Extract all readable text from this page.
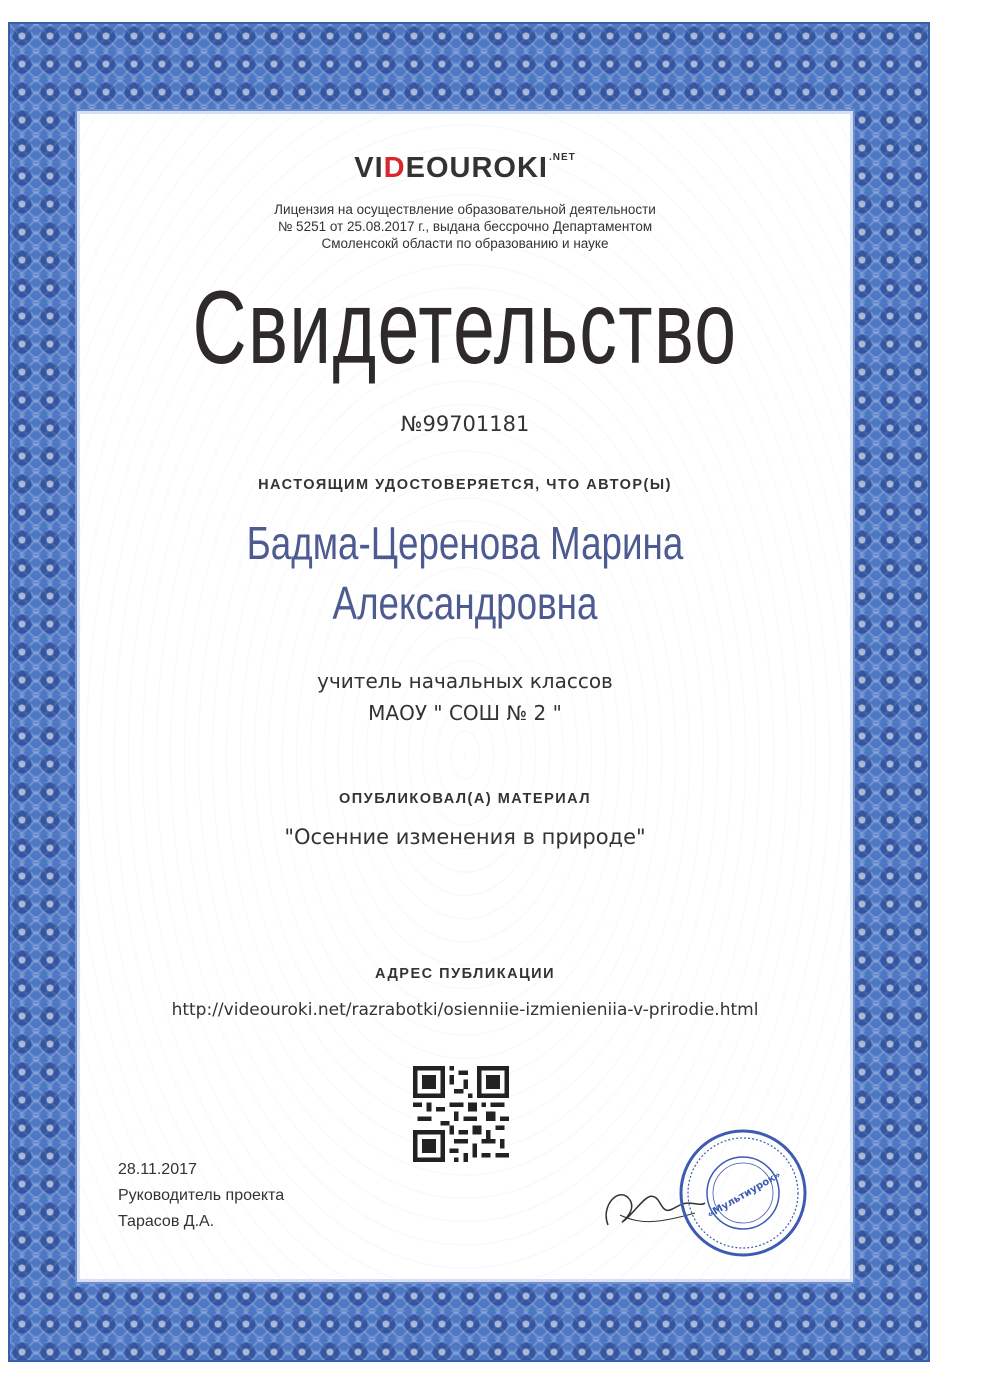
$VIDEOUROKI^{.NET}$
Лицензия на осуществление образовательной деятельности
№ 5251 от 25.08.2017 г., выдана бессрочно Департаментом
Смоленсокй области по образованию и науке
Свидетельство
№99701181
НАСТОЯЩИМ УДОСТОВЕРЯЕТСЯ, ЧТО АВТОР(Ы)
Бадма-Церенова Марина Александровна
учитель начальных классов
МАОУ " СОШ № 2 "
ОПУБЛИКОВАЛ(А) МАТЕРИАЛ
"Осенние изменения в природе"
АДРЕС ПУБЛИКАЦИИ
http://videouroki.net/razrabotki/osienniie-izmieniеniia-v-prirodie.html
28.11.2017
Руководитель проекта
Тарасов Д.А.
«Мультиурок»
